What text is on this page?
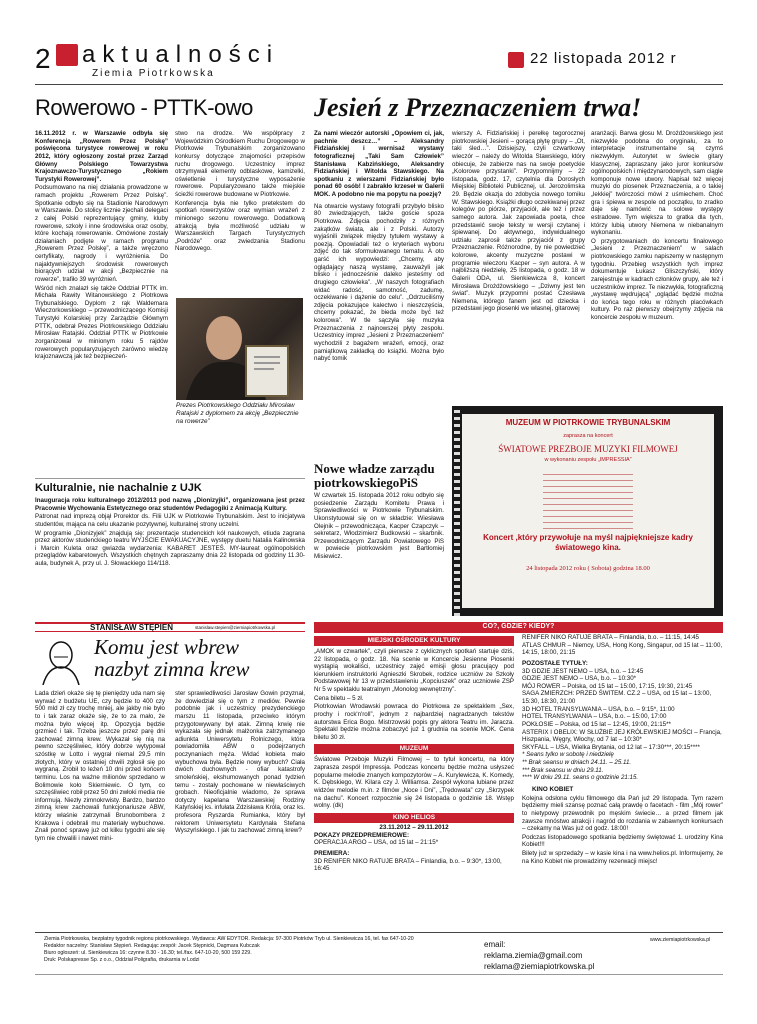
2 aktualności
Ziemia Piotrkowska
22 listopada 2012 r
Rowerowo - PTTK-owo

16.11.2012 r. w Warszawie odbyła się Konferencja „Rowerem Przez Polskę” poświęcona turystyce rowerowej w roku 2012, który ogłoszony został przez Zarząd Główny Polskiego Towarzystwa Krajoznawczo-Turystycznego „Rokiem Turystyki Rowerowej”.

Podsumowano na niej działania prowadzone w ramach projektu „Rowerem Przez Polskę”. Spotkanie odbyło się na Stadionie Narodowym w Warszawie. Do stolicy licznie zjechali delegaci z całej Polski reprezentujący gminy, kluby rowerowe, szkoły i inne środowiska oraz osoby, które kochają rowerowanie. Omówione zostały działaniach podjęte w ramach programu „Rowerem Przez Polskę”, a także wręczono certyfikaty, nagrody i wyróżnienia. Do najaktywniejszych środowisk rowerowych biorących udział w akcji „Bezpiecznie na rowerze”, trafiło 39 wyróżnień.

Wśród nich znalazł się także Oddział PTTK im. Michała Rawity Witanowskiego z Piotrkowa Trybunalskiego. Dyplom z rąk Waldemara Wieczorkowskiego – przewodniczącego Komisji Turystyki Kolarskiej przy Zarządzie Głównym PTTK, odebrał Prezes Piotrkowskiego Oddziału Mirosław Ratajski. Oddział PTTK w Piotrkowie zorganizował w minionym roku 5 rajdów rowerowych popularyzujących zarówno wiedzę krajoznawczą jak też bezpieczeń-

stwo na drodze. We współpracy z Wojewódzkim Ośrodkiem Ruchu Drogowego w Piotrkowie Trybunalskim zorganizowano konkursy dotyczące znajomości przepisów ruchu drogowego. Uczestnicy imprez otrzymywali elementy odblaskowe, kamizelki, oświetlenie i turystyczne wyposażenie rowerowe. Popularyzowano także miejskie ścieżki rowerowe budowane w Piotrkowie.

Konferencja była nie tylko pretekstem do spotkań rowerzystów oraz wymian wrażeń z minionego sezonu rowerowego. Dodatkową atrakcją była możliwość udziału w Warszawskich Targach Turystycznych „Podróże” oraz zwiedzania Stadionu Narodowego.

Prezes Piotrkowskiego Oddziału Mirosław Ratajski z dyplomem za akcję „Bezpiecznie na rowerze”
Jesień z Przeznaczeniem trwa!

Za nami wieczór autorski „Opowiem ci, jak, pachnie deszcz…” – Aleksandry Fidziańskiej i wernisaż wystawy fotograficznej „Taki Sam Człowiek” Stanisława Kabzińskiego, Aleksandry Fidziańskiej i Witolda Stawskiego. Na spotkaniu z wierszami Fidziańskiej było ponad 60 osób! I zabrakło krzeseł w Galerii MOK. A podobno nie ma popytu na poezję?

Na otwarcie wystawy fotografii przybyło blisko 80 zwiedzających, także goście spoza Piotrkowa. Zdjęcia pochodziły z różnych zakątków świata, ale i z Polski. Autorzy wyjaśnili związek między tytułem wystawy a poezją. Opowiadali też o kryteriach wyboru zdjęć do tak sformułowanego tematu. A oto garść ich wypowiedzi: „Chcemy, aby oglądający naszą wystawę, zauważyli jak blisko i jednocześnie daleko jesteśmy od drugiego człowieka”. „W naszych fotografiach widać radość, samotność, zadumę, oczekiwanie i dążenie do celu”. „Odrzuciliśmy zdjęcia pokazujące kalectwo i nieszczęścia, chcemy pokazać, że bieda może być też kolorowa”. W tle sączyła się muzyka Przeznaczenia z najnowszej płyty zespołu. Uczestnicy imprez „Jesieni z Przeznaczeniem” wychodzili z bagażem wrażeń, emocji, oraz pamiątkową zakładką do książki. Można było nabyć tomik

wierszy A. Fidziańskiej i perełkę tegorocznej piotrkowskiej Jesieni – gorącą płytę grupy – „Ot, taki śled…”. Dzisiejszy, czyli czwartkowy wieczór – należy do Witolda Stawskiego, który obiecuje, że zabierze nas na swoje poetyckie „Kolorowe przystanki”. Przypomnijmy – 22 listopada, godz. 17, czytelnia dla Dorosłych Miejskiej Biblioteki Publicznej, ul. Jerozolimska 29. Będzie okazja do zdobycia nowego tomiku W. Stawskiego. Książki długo oczekiwanej przez kolegów po piórze, przyjaciół, ale też i przez samego autora. Jak zapowiada poeta, chce przedstawić swoje teksty w wersji czytanej i śpiewanej. Do aktywnego, indywidualnego udziału zaprosił także przyjaciół z grupy Przeznaczenie. Różnorodne, by nie powiedzieć kolorowe, akcenty muzyczne postawi w programie wieczoru Kacper – syn autora. A w najbliższą niedzielę, 25 listopada, o godz. 18 w Galerii ODA, ul. Sienkiewicza 8, koncert Mirosława Drożdżowskiego – „Dziwny jest ten świat”. Muzyk przypomni postać Czesława Niemena, którego fanem jest od dziecka i przedstawi jego piosenki we własnej, gitarowej

aranżacji. Barwa głosu M. Drożdżowskiego jest niezwykle podobna do oryginału, za to interpretacje instrumentalne są czymś niezwykłym. Autorytet w świecie gitary klasycznej, zapraszany jako juror konkursów ogólnopolskich i międzynarodowych, sam ciągle komponuje nowe utwory. Napisał też więcej muzyki do piosenek Przeznaczenia, a o takiej „lekkiej” twórczości mówi z uśmiechem. Choć gra i śpiewa w zespole od początku, to zradko daje się namówić na solowe występy estradowe. Tym większa to gratka dla tych, którzy lubią utwory Niemena w niebanalnym wykonaniu.

O przygotowaniach do koncertu finałowego „Jesieni z Przeznaczeniem” w salach piotrkowskiego zamku napiszemy w następnym tygodniu. Przebieg wszystkich tych imprez dokumentuje Łukasz Gliszczyński, który zarejestruje w kadrach członków grupy, ale też i uczestników imprez. Te niezwykła, fotograficzną „wystawę wędrującą” „oglądać będzie można do końca tego roku w różnych placówkach kultury. Po raz pierwszy obejrzymy zdjęcia na koncercie zespołu w muzeum.

Nowe władze zarządu piotrkowskiegoPiS

W czwartek 15. listopada 2012 roku odbyło się posiedzenie Zarządu Komitetu Prawa i Sprawiedliwości w Piotrkowie Trybunalskim. Ukonstytuował się on w składzie: Wiesława Olejnik – przewodnicząca, Kacper Czapczyk – sekretarz, Włodzimierz Budkowski – skarbnik. Przewodniczącym Zarządu Powiatowego PiS w powiecie piotrkowskim jest Bartłomiej Misiewicz.

MUZEUM W PIOTRKOWIE TRYBUNALSKIM
zaprasza na koncert
ŚWIATOWE PREZBOJE MUZYKI FILMOWEJ
w wykonaniu zespołu „IMPRESSIA”
Koncert ,który przywołuje na myśl najpiękniejsze kadry światowego kina.
24 listopada 2012 roku ( Sobota) godzina 18.00
Kulturalnie, nie nachalnie z UJK

Inauguracja roku kulturalnego 2012/2013 pod nazwą „Dionizyjki”, organizowana jest przez Pracownie Wychowania Estetycznego oraz studentów Pedagogiki z Animacją Kultury.

Patronat nad imprezą objął Prorektor ds. Filii UJK w Piotrkowie Trybunalskim. Jest to inicjatywa studentów, mająca na celu ukazanie pozytywnej, kulturalnej strony uczelni.

W programie „Dionizyjek” znajdują się: prezentacje studenckich kół naukowych, etiuda zagrana przez aktorów studenckiego teatru WYJŚCIE EWAKUACYJNE, występy duetu Natalia Kalinowska i Marcin Kuleta oraz gwiazda wydarzenia: KABARET JESTEŚ. MY-laureat ogólnopolskich przeglądów kabaretowych. Wszystkich chętnych zapraszamy dnia 22 listopada od godziny 11.30-aula, budynek A, przy ul. J. Słowackiego 114/118.

STANISŁAW STĘPIEŃ	stanislaw.stepien@ziemiapiotrkowska.pl
Komu jest wbrew nazbyt zimna krew

Lada dzień okaże się tę pieniędzy uda nam się wyrwać z budżetu UE, czy będzie to 400 czy 500 mld zł czy trochę mniej, ale jakby nie było to i tak zaraz okaże się, że to za mało, że można było więcej itp. Opozycja będzie grzmieć i tak. Trzeba jeszcze przez parę dni zachować zimną krew. Wykazał się nią na pewno szczęśliwiec, który dobrze wytypował szóstkę w Lotto i wygrał niemal 29,5 mln złotych, który w ostatniej chwili zgłosił się po wygraną. Zrobił to leżeń 10 dni przed końcem terminu. Los na ważne milionów sprzedano w Bolimowie koło Skierniewic. O tym, co szczęśliwiec robił przez 50 dni zwłoki media nie informują. Niezły zimnokrwisty. Bardzo, bardzo zimną krew zachowali funkcjonariusze ABW, którzy właśnie zatrzymali Brunobombera z Krakowa i odebrali mu materiały wybuchowe. Znali ponoć sprawę już od kilku tygodni ale się tym nie chwalili i nawet mini-

ster sprawiedliwości Jarosław Gowin przyznał, że dowiedział się o tym z mediów. Pewnie podobnie jak i uczestnicy prezydenckiego marszu 11 listopada, przeciwko którym przygotowywany był atak. Zimną krwię nie wykazała się jednak małżonka zatrzymanego adiunkta Uniwersytetu Rolniczego, która powiadomiła ABW o podejrzanych poczynaniach męża. Widać kobieta mało wybuchowa była. Będzie nowy wybuch? Ciała dwóch duchownych - ofiar katastrofy smoleńskiej, ekshumowanych ponad tydzień temu - zostały pochowane w niewłaściwych grobach. Nieoficjalnie wiadomo, że sprawa dotyczy kapelana Warszawskiej Rodziny Katyńskiej ks. infułata Zdzisława Króla, oraz ks. profesora Ryszarda Rumianka, który był rektorem Uniwersytetu Kardynała Stefana Wyszyńskiego. I jak tu zachować zimną krew?

CO?, GDZIE? KIEDY?
MIEJSKI OŚRODEK KULTURY

„AMOK w czwartek”, czyli pierwsze z cyklicznych spotkań startuje dziś, 22 listopada, o godz. 18. Na scenie w Koncercie Jesienne Piosenki wystąpią wokaliści, uczestnicy zajęć emisji głosu pracujący pod kierunkiem instruktorki Agnieszki Skrobek, rodzice uczniów ze Szkoły Podstawowej Nr 13 w przedstawieniu „Kopciuszek” oraz uczniowie ZSP Nr 5 w spektaklu teatralnym „Monolog wewnętrzny”.

Cena biletu – 5 zł.

Piotrkowian Wrodawski powraca do Piotrkowa ze spektaklem „Sex, prochy i rock'n'roll”, jednym z najbardziej nagradzanych tekstów autorstwa Erica Bogo. Mistrzowski popis gry aktora Teatru im. Jaracza. Spektakl będzie można zobaczyć już 1 grudnia na scenie MOK. Cena biletu 30 zł.

MUZEUM

Światowe Przeboje Muzyki Filmowej – to tytuł koncertu, na który zaprasza zespół Impressja. Podczas koncertu będzie można usłyszeć popularne melodie znanych kompozytorów – A. Kurylewicza, K. Komedy, K. Dębskiego, W. Kilara czy J. Williamsa. Zespół wykona lubiane przez widzów melodie m.in. z filmów „Noce i Dni”, „Trędowata” czy „Skrzypek na dachu”. Koncert rozpocznie się 24 listopada o godzinie 18. Wstęp wolny. (dk)

KINO HELIOS
23.11.2012 – 29.11.2012
POKAZY PRZEDPREMIEROWE:
OPERACJA ARGO – USA, od 15 lat – 21:15*
PREMIERA:
3D RENIFER NIKO RATUJE BRATA – Finlandia, b.o. – 9:30*, 13:00, 16:45
RENIFER NIKO RATUJE BRATA – Finlandia, b.o. – 11:15, 14:45
ATLAS CHMUR – Niemcy, USA, Hong Kong, Singapur, od 15 lat – 11:00, 14:15, 18:00, 21:15
POZOSTAŁE TYTUŁY:
3D GDZIE JEST NEMO – USA, b.o. – 12:45
GDZIE JEST NEMO – USA, b.o. – 10:30*
MÓJ ROWER – Polska, od 15 lat – 15:00, 17:15, 19:30, 21:45
SAGA ZMIERZCH: PRZED ŚWITEM. CZ.2 – USA, od 15 lat – 13:00, 15:30, 18:30, 21:00
3D HOTEL TRANSYLWANIA – USA, b.o. – 9:15*, 11:00
HOTEL TRANSYLWANIA – USA, b.o. – 15:00, 17:00
POKŁOSIE – Polska, od 15 lat – 12:45, 19:00, 21:15**
ASTERIX I OBELIX: W SŁUŻBIE JEJ KRÓLEWSKIEJ MOŚCI – Francja, Hiszpania, Węgry, Włochy, od 7 lat – 10:30*
SKYFALL – USA, Wielka Brytania, od 12 lat – 17:30***, 20:15****
* Seans tylko w sobotę i niedzielę
** Brak seansu w dniach 24.11. – 25.11.
*** Brak seansu w dniu 29.11.
**** W dniu 29.11. seans o godzinie 21:15.
KINO KOBIET

Kolejna odsłona cyklu filmowego dla Pań już 29 listopada. Tym razem będziemy mieli szansę poznać całą prawdę o facetach - film „Mój rower” to nietypowy przewodnik po męskim świecie… a przed filmem jak zawsze mnóstwo atrakcji i nagród do rozdania w zabawnych konkursach – czekamy na Was już od godz. 18:00!

Podczas listopadowego spotkania będziemy świętować 1. urodziny Kina Kobiet!!!

Bilety już w sprzedaży – w kasie kina i na www.helios.pl. Informujemy, że na Kino Kobiet nie prowadzimy rezerwacji miejsc!

Ziemia Piotrkowska, bezpłatny tygodnik regionu piotrkowskiego. Wydawca: AW EDYTOR. Redakcja: 97-300 Piotrków Tryb ul. Sienkiewicza 16, tel. fax 647-10-20
Redaktor naczelny: Stanisław Stępień. Redagując zespół: Jacek Stępnicki, Dagmara Kubczak
Biuro ogłoszeń: ul. Sienkiewicza 16: czynne 8.30 - 16.30; tel./fax. 647-10-20, 500 159 229.
Druk: Polskapresse Sp. z o.o., Oddział Poligrafia, drukarnia w Lodzi
email:
reklama.ziemia@gmail.com
reklama@ziemiapiotrkowska.pl
www.ziemiapiotrkowska.pl
